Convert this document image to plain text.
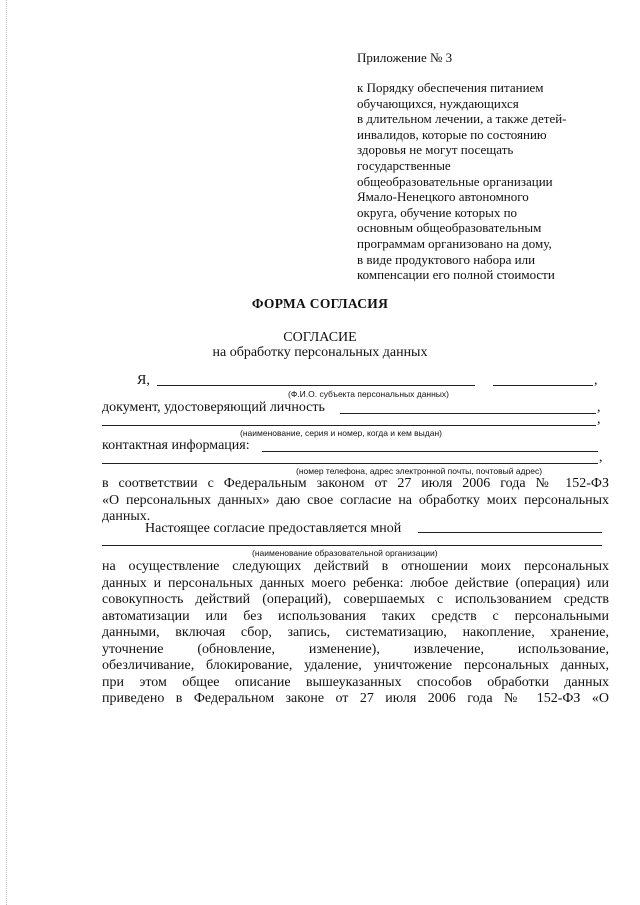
Приложение № 3
к Порядку обеспечения питанием
обучающихся, нуждающихся
в длительном лечении, а также детей-
инвалидов, которые по состоянию
здоровья не могут посещать
государственные
общеобразовательные организации
Ямало-Ненецкого автономного
округа, обучение которых по
основным общеобразовательным
программам организовано на дому,
в виде продуктового набора или
компенсации его полной стоимости
ФОРМА СОГЛАСИЯ
СОГЛАСИЕ
на обработку персональных данных
Я,	,
(Ф.И.О. субъекта персональных данных)
документ, удостоверяющий личность	,
,
(наименование, серия и номер, когда и кем выдан)
контактная информация:
,
(номер телефона, адрес электронной почты, почтовый адрес)
в соответствии с Федеральным законом от 27 июля 2006 года № 152-ФЗ
«О персональных данных» даю свое согласие на обработку моих персональных
данных.
Настоящее согласие предоставляется мной
(наименование образовательной организации)
на осуществление следующих действий в отношении моих персональных
данных и персональных данных моего ребенка: любое действие (операция) или
совокупность действий (операций), совершаемых с использованием средств
автоматизации или без использования таких средств с персональными
данными, включая сбор, запись, систематизацию, накопление, хранение,
уточнение (обновление, изменение), извлечение, использование,
обезличивание, блокирование, удаление, уничтожение персональных данных,
при этом общее описание вышеуказанных способов обработки данных
приведено в Федеральном законе от 27 июля 2006 года № 152-ФЗ «О
